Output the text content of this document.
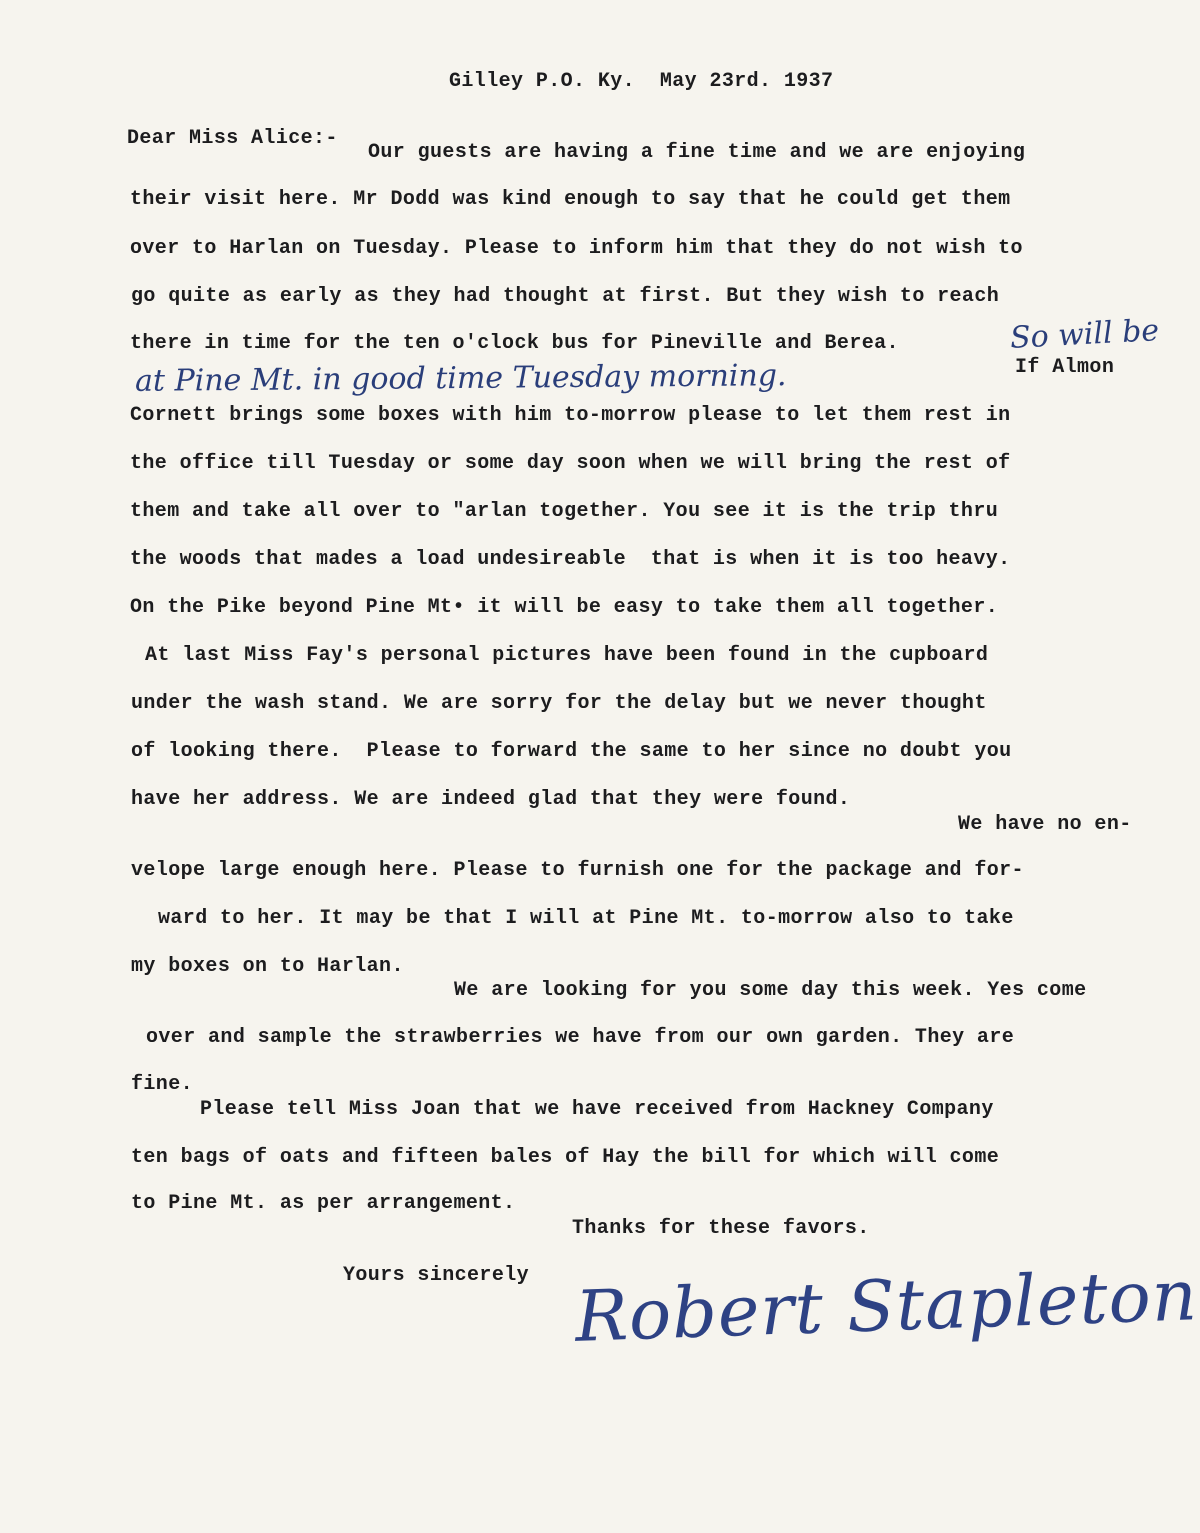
Gilley P.O. Ky.  May 23rd. 1937
Dear Miss Alice:-
Our guests are having a fine time and we are enjoying
their visit here. Mr Dodd was kind enough to say that he could get them
over to Harlan on Tuesday. Please to inform him that they do not wish to
go quite as early as they had thought at first. But they wish to reach
there in time for the ten o'clock bus for Pineville and Berea.	So will be
If Almon
at Pine Mt. in good time Tuesday morning.
Cornett brings some boxes with him to-morrow please to let them rest in
the office till Tuesday or some day soon when we will bring the rest of
them and take all over to "arlan together. You see it is the trip thru
the woods that mades a load undesireable  that is when it is too heavy.
On the Pike beyond Pine Mt• it will be easy to take them all together.
At last Miss Fay's personal pictures have been found in the cupboard
under the wash stand. We are sorry for the delay but we never thought
of looking there.  Please to forward the same to her since no doubt you
have her address. We are indeed glad that they were found.
We have no en-
velope large enough here. Please to furnish one for the package and for-
ward to her. It may be that I will at Pine Mt. to-morrow also to take
my boxes on to Harlan.
We are looking for you some day this week. Yes come
over and sample the strawberries we have from our own garden. They are
fine.
Please tell Miss Joan that we have received from Hackney Company
ten bags of oats and fifteen bales of Hay the bill for which will come
to Pine Mt. as per arrangement.
Thanks for these favors.
Yours sincerely Robert Stapleton
